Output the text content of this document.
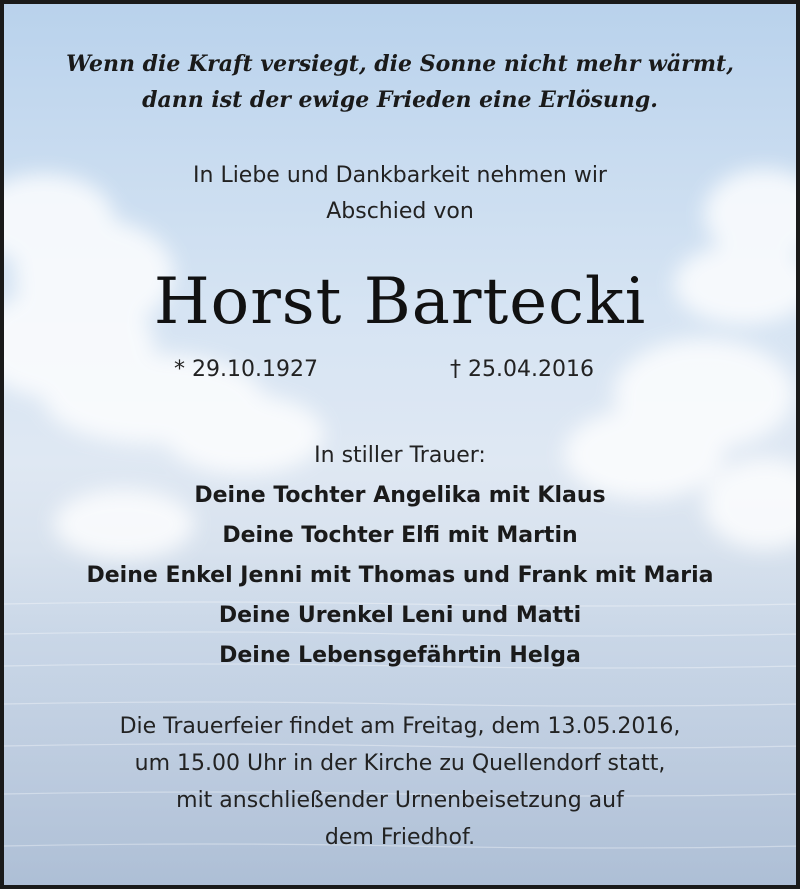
Wenn die Kraft versiegt, die Sonne nicht mehr wärmt,
dann ist der ewige Frieden eine Erlösung.
In Liebe und Dankbarkeit nehmen wir
Abschied von
Horst Bartecki
* 29.10.1927	† 25.04.2016
In stiller Trauer:
Deine Tochter Angelika mit Klaus
Deine Tochter Elfi mit Martin
Deine Enkel Jenni mit Thomas und Frank mit Maria
Deine Urenkel Leni und Matti
Deine Lebensgefährtin Helga
Die Trauerfeier findet am Freitag, dem 13.05.2016,
um 15.00 Uhr in der Kirche zu Quellendorf statt,
mit anschließender Urnenbeisetzung auf
dem Friedhof.
